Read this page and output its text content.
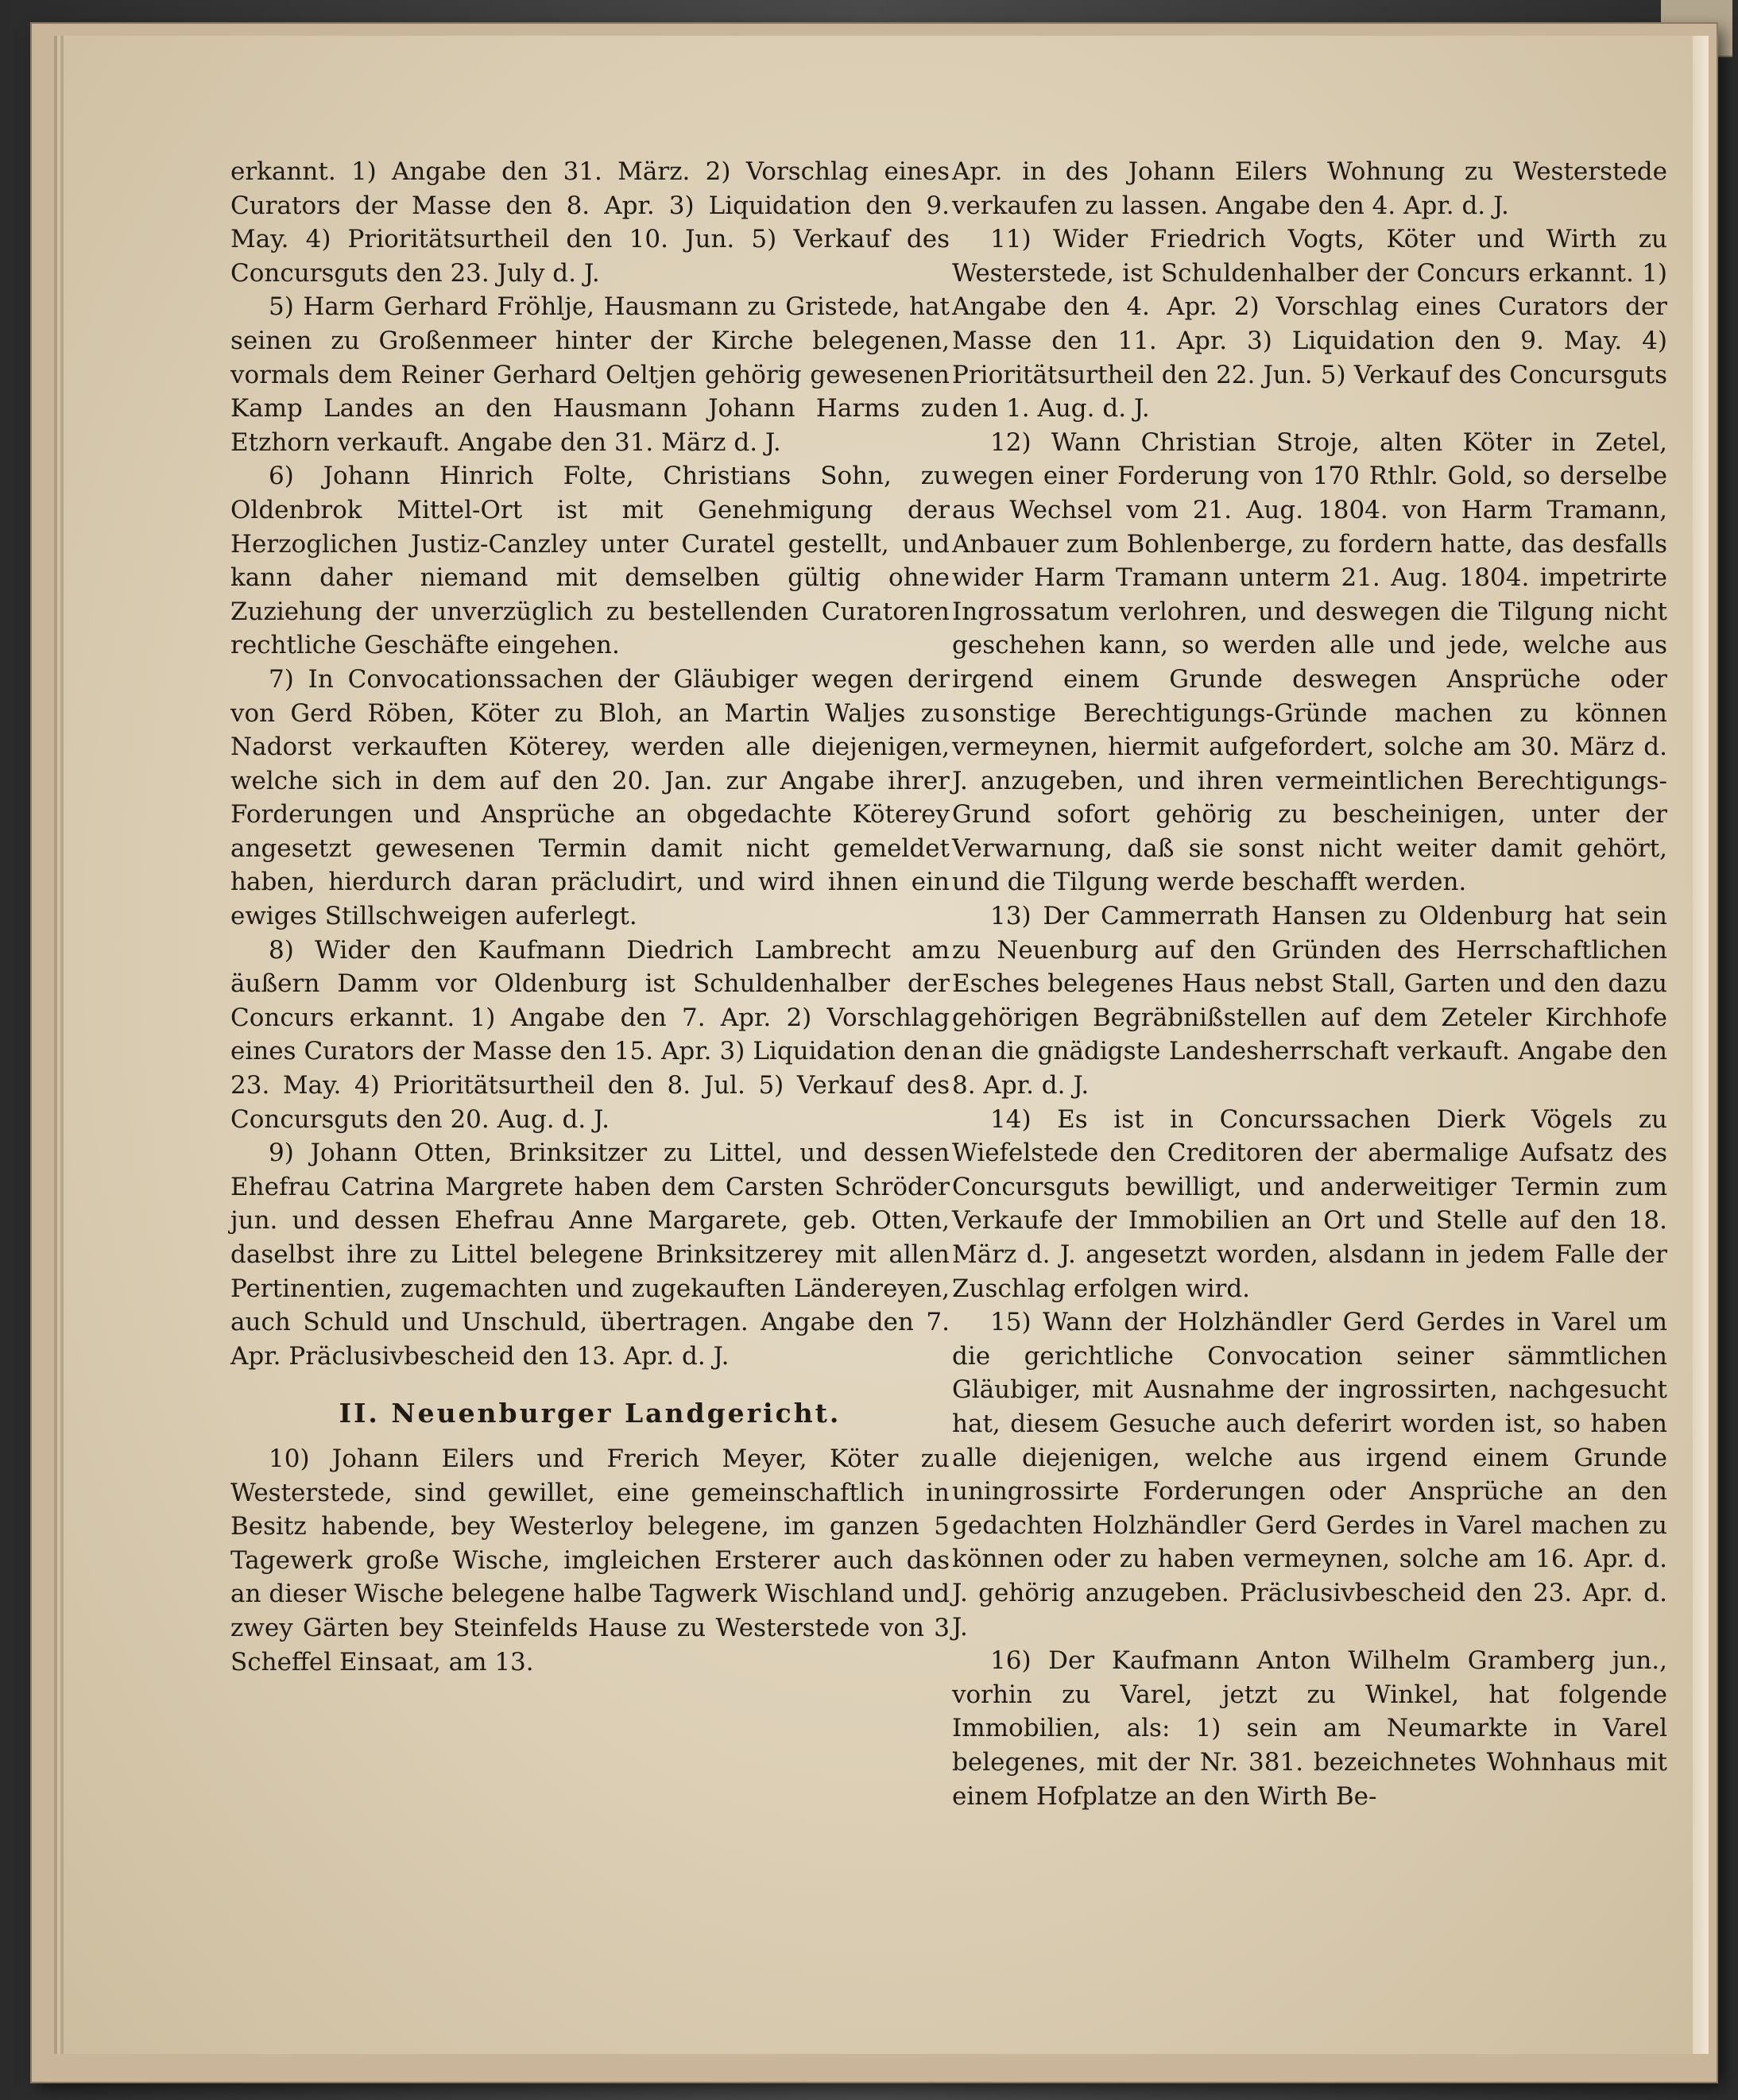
erkannt. 1) Angabe den 31. März. 2) Vorschlag eines Curators der Masse den 8. Apr. 3) Liquidation den 9. May. 4) Prioritätsurtheil den 10. Jun. 5) Verkauf des Concursguts den 23. July d. J.

5) Harm Gerhard Fröhlje, Hausmann zu Gristede, hat seinen zu Großenmeer hinter der Kirche belegenen, vormals dem Reiner Gerhard Oeltjen gehörig gewesenen Kamp Landes an den Hausmann Johann Harms zu Etzhorn verkauft. Angabe den 31. März d. J.

6) Johann Hinrich Folte, Christians Sohn, zu Oldenbrok Mittel-Ort ist mit Genehmigung der Herzoglichen Justiz-Canzley unter Curatel gestellt, und kann daher niemand mit demselben gültig ohne Zuziehung der unverzüglich zu bestellenden Curatoren rechtliche Geschäfte eingehen.

7) In Convocationssachen der Gläubiger wegen der von Gerd Röben, Köter zu Bloh, an Martin Waljes zu Nadorst verkauften Köterey, werden alle diejenigen, welche sich in dem auf den 20. Jan. zur Angabe ihrer Forderungen und Ansprüche an obgedachte Köterey angesetzt gewesenen Termin damit nicht gemeldet haben, hierdurch daran präcludirt, und wird ihnen ein ewiges Stillschweigen auferlegt.

8) Wider den Kaufmann Diedrich Lambrecht am äußern Damm vor Oldenburg ist Schuldenhalber der Concurs erkannt. 1) Angabe den 7. Apr. 2) Vorschlag eines Curators der Masse den 15. Apr. 3) Liquidation den 23. May. 4) Prioritätsurtheil den 8. Jul. 5) Verkauf des Concursguts den 20. Aug. d. J.

9) Johann Otten, Brinksitzer zu Littel, und dessen Ehefrau Catrina Margrete haben dem Carsten Schröder jun. und dessen Ehefrau Anne Margarete, geb. Otten, daselbst ihre zu Littel belegene Brinksitzerey mit allen Pertinentien, zugemachten und zugekauften Ländereyen, auch Schuld und Unschuld, übertragen. Angabe den 7. Apr. Präclusivbescheid den 13. Apr. d. J.

II. Neuenburger Landgericht.

10) Johann Eilers und Frerich Meyer, Köter zu Westerstede, sind gewillet, eine gemeinschaftlich in Besitz habende, bey Westerloy belegene, im ganzen 5 Tagewerk große Wische, imgleichen Ersterer auch das an dieser Wische belegene halbe Tagwerk Wischland und zwey Gärten bey Steinfelds Hause zu Westerstede von 3 Scheffel Einsaat, am 13.

Apr. in des Johann Eilers Wohnung zu Westerstede verkaufen zu lassen. Angabe den 4. Apr. d. J.

11) Wider Friedrich Vogts, Köter und Wirth zu Westerstede, ist Schuldenhalber der Concurs erkannt. 1) Angabe den 4. Apr. 2) Vorschlag eines Curators der Masse den 11. Apr. 3) Liquidation den 9. May. 4) Prioritätsurtheil den 22. Jun. 5) Verkauf des Concursguts den 1. Aug. d. J.

12) Wann Christian Stroje, alten Köter in Zetel, wegen einer Forderung von 170 Rthlr. Gold, so derselbe aus Wechsel vom 21. Aug. 1804. von Harm Tramann, Anbauer zum Bohlenberge, zu fordern hatte, das desfalls wider Harm Tramann unterm 21. Aug. 1804. impetrirte Ingrossatum verlohren, und deswegen die Tilgung nicht geschehen kann, so werden alle und jede, welche aus irgend einem Grunde deswegen Ansprüche oder sonstige Berechtigungs-Gründe machen zu können vermeynen, hiermit aufgefordert, solche am 30. März d. J. anzugeben, und ihren vermeintlichen Berechtigungs-Grund sofort gehörig zu bescheinigen, unter der Verwarnung, daß sie sonst nicht weiter damit gehört, und die Tilgung werde beschafft werden.

13) Der Cammerrath Hansen zu Oldenburg hat sein zu Neuenburg auf den Gründen des Herrschaftlichen Esches belegenes Haus nebst Stall, Garten und den dazu gehörigen Begräbnißstellen auf dem Zeteler Kirchhofe an die gnädigste Landesherrschaft verkauft. Angabe den 8. Apr. d. J.

14) Es ist in Concurssachen Dierk Vögels zu Wiefelstede den Creditoren der abermalige Aufsatz des Concursguts bewilligt, und anderweitiger Termin zum Verkaufe der Immobilien an Ort und Stelle auf den 18. März d. J. angesetzt worden, alsdann in jedem Falle der Zuschlag erfolgen wird.

15) Wann der Holzhändler Gerd Gerdes in Varel um die gerichtliche Convocation seiner sämmtlichen Gläubiger, mit Ausnahme der ingrossirten, nachgesucht hat, diesem Gesuche auch deferirt worden ist, so haben alle diejenigen, welche aus irgend einem Grunde uningrossirte Forderungen oder Ansprüche an den gedachten Holzhändler Gerd Gerdes in Varel machen zu können oder zu haben vermeynen, solche am 16. Apr. d. J. gehörig anzugeben. Präclusivbescheid den 23. Apr. d. J.

16) Der Kaufmann Anton Wilhelm Gramberg jun., vorhin zu Varel, jetzt zu Winkel, hat folgende Immobilien, als: 1) sein am Neumarkte in Varel belegenes, mit der Nr. 381. bezeichnetes Wohnhaus mit einem Hofplatze an den Wirth Be-
